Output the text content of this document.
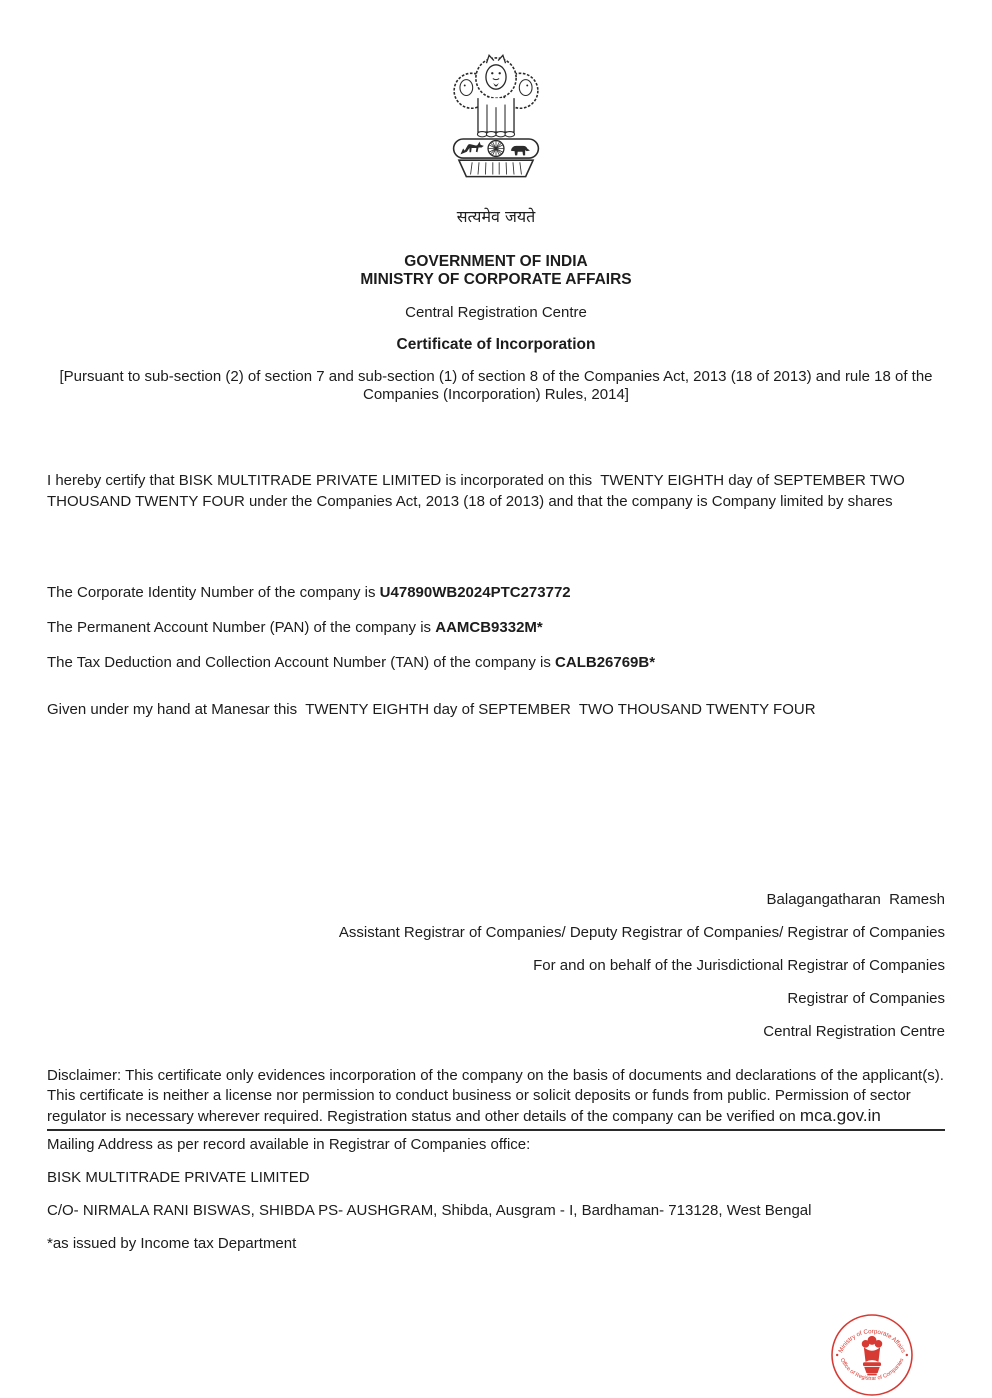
सत्यमेव जयते
GOVERNMENT OF INDIA
MINISTRY OF CORPORATE AFFAIRS
Central Registration Centre
Certificate of Incorporation
[Pursuant to sub-section (2) of section 7 and sub-section (1) of section 8 of the Companies Act, 2013 (18 of 2013) and rule 18 of the Companies (Incorporation) Rules, 2014]
I hereby certify that BISK MULTITRADE PRIVATE LIMITED is incorporated on this  TWENTY EIGHTH day of SEPTEMBER TWO THOUSAND TWENTY FOUR under the Companies Act, 2013 (18 of 2013) and that the company is Company limited by shares

The Corporate Identity Number of the company is U47890WB2024PTC273772

The Permanent Account Number (PAN) of the company is AAMCB9332M*

The Tax Deduction and Collection Account Number (TAN) of the company is CALB26769B*

Given under my hand at Manesar this  TWENTY EIGHTH day of SEPTEMBER  TWO THOUSAND TWENTY FOUR
Balagangatharan  Ramesh
Assistant Registrar of Companies/ Deputy Registrar of Companies/ Registrar of Companies
For and on behalf of the Jurisdictional Registrar of Companies
Registrar of Companies
Central Registration Centre
Disclaimer: This certificate only evidences incorporation of the company on the basis of documents and declarations of the applicant(s). This certificate is neither a license nor permission to conduct business or solicit deposits or funds from public. Permission of sector regulator is necessary wherever required. Registration status and other details of the company can be verified on mca.gov.in
Mailing Address as per record available in Registrar of Companies office:

BISK MULTITRADE PRIVATE LIMITED

C/O- NIRMALA RANI BISWAS, SHIBDA PS- AUSHGRAM, Shibda, Ausgram - I, Bardhaman- 713128, West Bengal

*as issued by Income tax Department

Ministry of Corporate Affairs
Office of Registrar of Companies
